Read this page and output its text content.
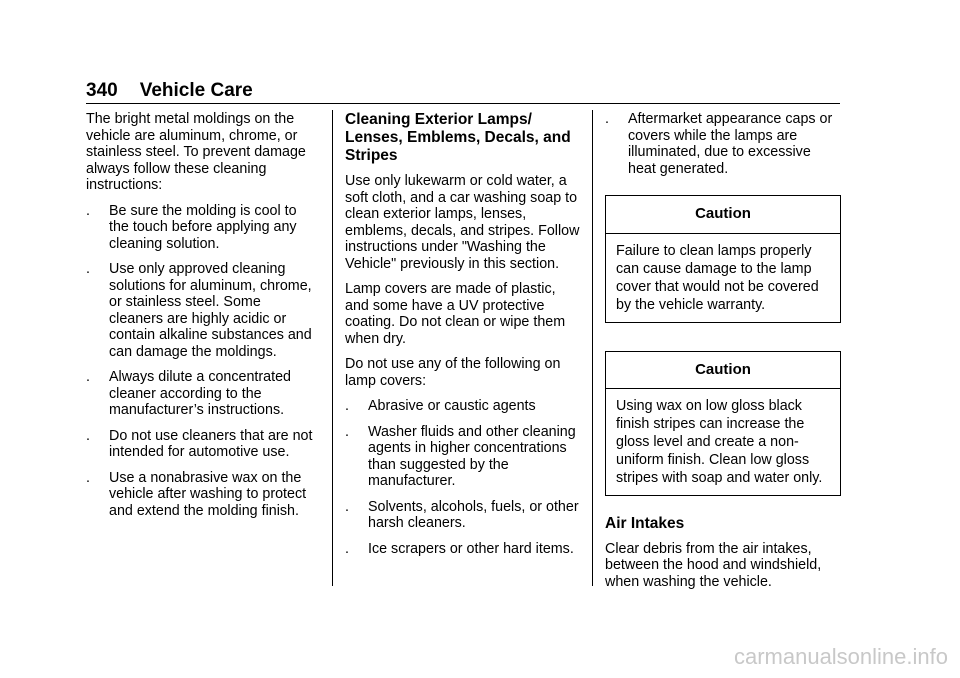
340 Vehicle Care

The bright metal moldings on the vehicle are aluminum, chrome, or stainless steel. To prevent damage always follow these cleaning instructions:

. Be sure the molding is cool to the touch before applying any cleaning solution.
. Use only approved cleaning solutions for aluminum, chrome, or stainless steel. Some cleaners are highly acidic or contain alkaline substances and can damage the moldings.
. Always dilute a concentrated cleaner according to the manufacturer’s instructions.
. Do not use cleaners that are not intended for automotive use.
. Use a nonabrasive wax on the vehicle after washing to protect and extend the molding finish.
Cleaning Exterior Lamps/ Lenses, Emblems, Decals, and Stripes

Use only lukewarm or cold water, a soft cloth, and a car washing soap to clean exterior lamps, lenses, emblems, decals, and stripes. Follow instructions under "Washing the Vehicle" previously in this section.

Lamp covers are made of plastic, and some have a UV protective coating. Do not clean or wipe them when dry.

Do not use any of the following on lamp covers:

. Abrasive or caustic agents
. Washer fluids and other cleaning agents in higher concentrations than suggested by the manufacturer.
. Solvents, alcohols, fuels, or other harsh cleaners.
. Ice scrapers or other hard items.
. Aftermarket appearance caps or covers while the lamps are illuminated, due to excessive heat generated.
Caution
Failure to clean lamps properly can cause damage to the lamp cover that would not be covered by the vehicle warranty.
Caution
Using wax on low gloss black finish stripes can increase the gloss level and create a non-uniform finish. Clean low gloss stripes with soap and water only.
Air Intakes

Clear debris from the air intakes, between the hood and windshield, when washing the vehicle.

carmanualsonline.info
